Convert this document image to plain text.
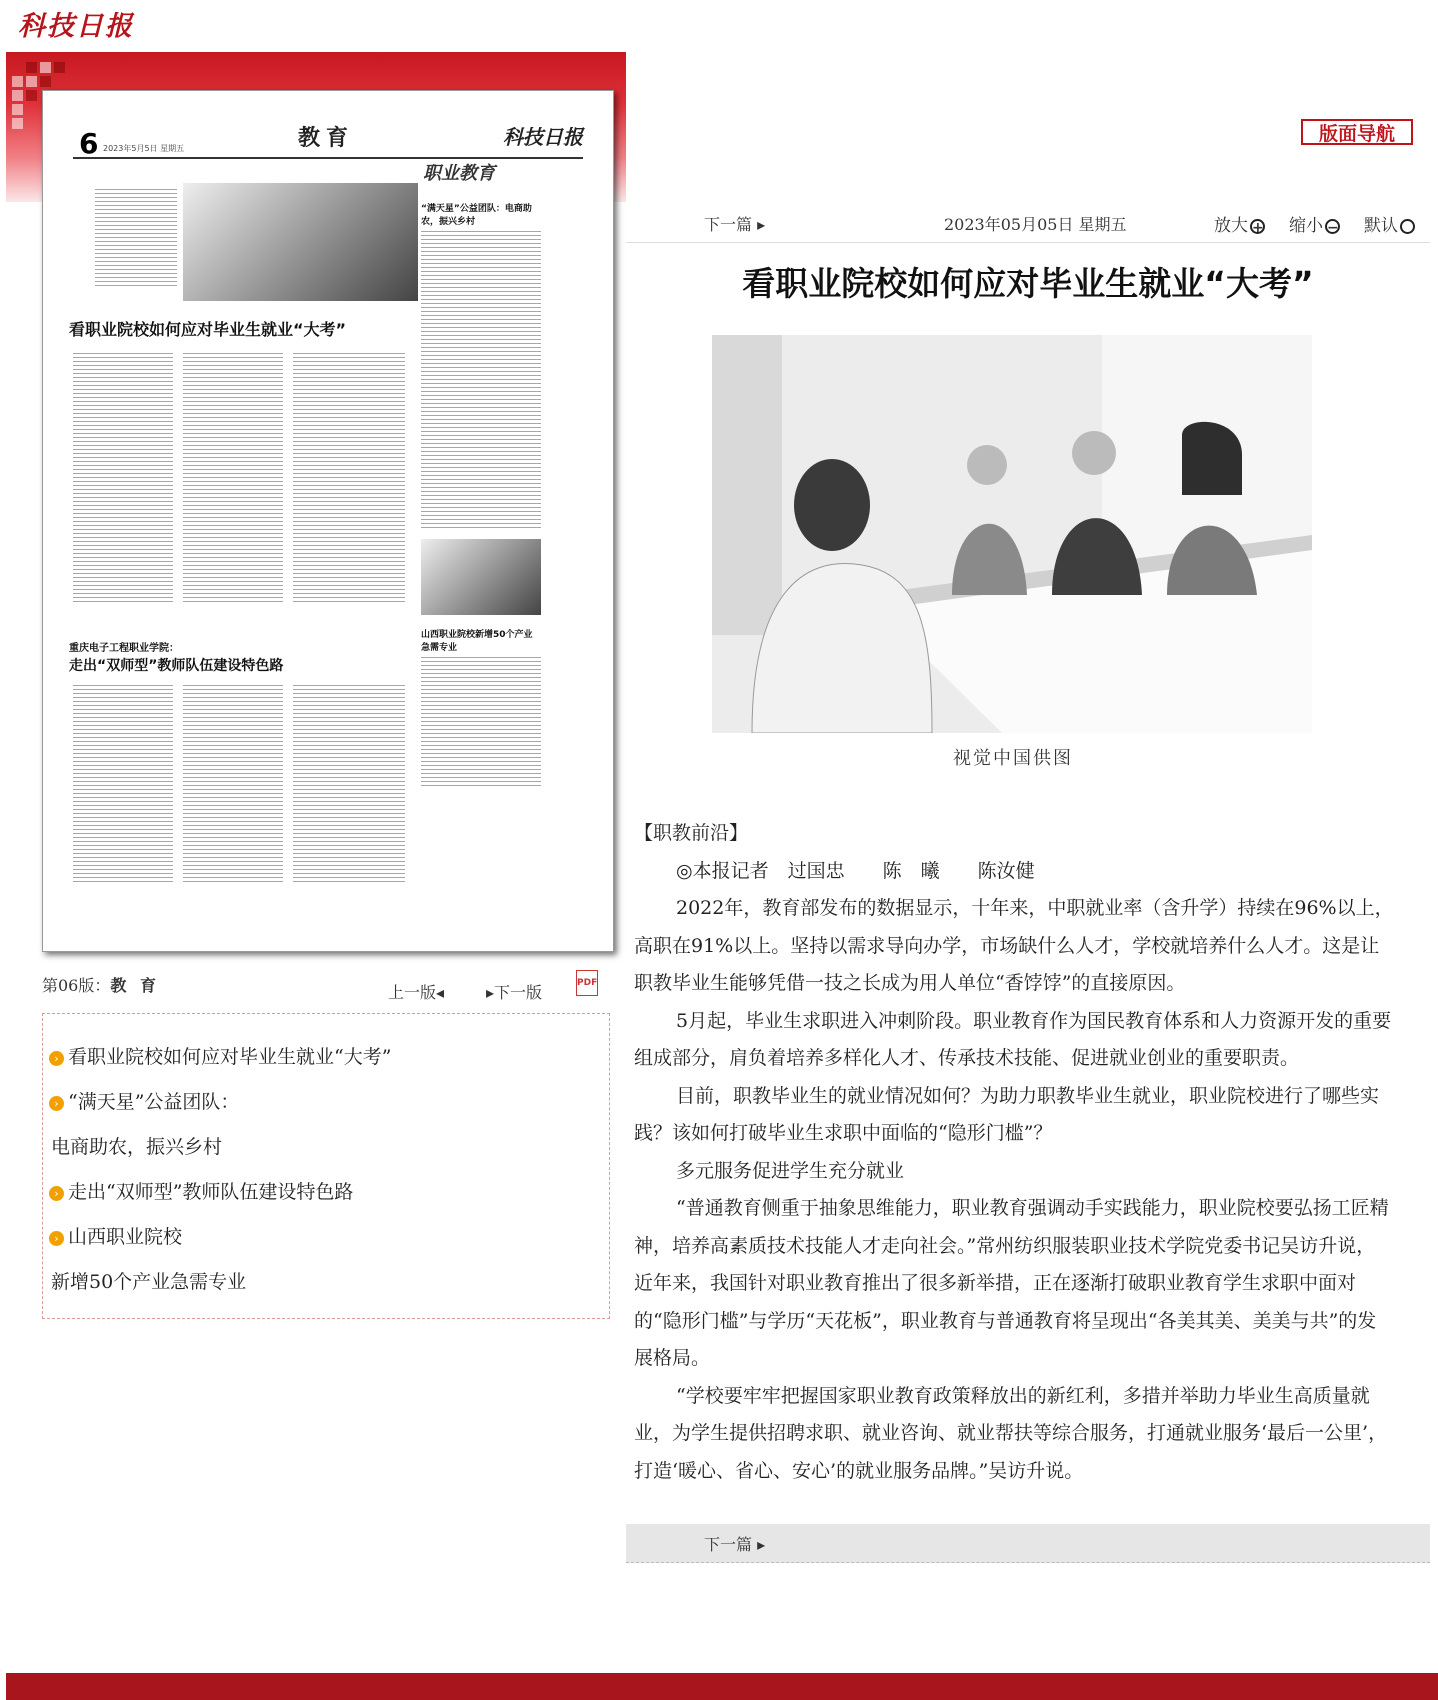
科技日报
6 2023年5月5日 星期五	教育	科技日报
职业教育
“满天星”公益团队：电商助农，振兴乡村
看职业院校如何应对毕业生就业“大考”
山西职业院校新增50个产业急需专业
重庆电子工程职业学院：
走出“双师型”教师队伍建设特色路
第06版：教 育	上一版◂	▸下一版	PDF
› 看职业院校如何应对毕业生就业“大考”
› “满天星”公益团队：
电商助农，振兴乡村
› 走出“双师型”教师队伍建设特色路
› 山西职业院校
新增50个产业急需专业
版面导航
下一篇 ▸	2023年05月05日 星期五	放大 + 缩小 − 默认
看职业院校如何应对毕业生就业“大考”
视觉中国供图

【职教前沿】

◎本报记者　过国忠　　陈　曦　　陈汝健

2022年，教育部发布的数据显示，十年来，中职就业率（含升学）持续在96%以上，高职在91%以上。坚持以需求导向办学，市场缺什么人才，学校就培养什么人才。这是让职教毕业生能够凭借一技之长成为用人单位“香饽饽”的直接原因。

5月起，毕业生求职进入冲刺阶段。职业教育作为国民教育体系和人力资源开发的重要组成部分，肩负着培养多样化人才、传承技术技能、促进就业创业的重要职责。

目前，职教毕业生的就业情况如何？为助力职教毕业生就业，职业院校进行了哪些实践？该如何打破毕业生求职中面临的“隐形门槛”？

多元服务促进学生充分就业

“普通教育侧重于抽象思维能力，职业教育强调动手实践能力，职业院校要弘扬工匠精神，培养高素质技术技能人才走向社会。”常州纺织服装职业技术学院党委书记吴访升说，近年来，我国针对职业教育推出了很多新举措，正在逐渐打破职业教育学生求职中面对的“隐形门槛”与学历“天花板”，职业教育与普通教育将呈现出“各美其美、美美与共”的发展格局。

“学校要牢牢把握国家职业教育政策释放出的新红利，多措并举助力毕业生高质量就业，为学生提供招聘求职、就业咨询、就业帮扶等综合服务，打通就业服务‘最后一公里’，打造‘暖心、省心、安心’的就业服务品牌。”吴访升说。

下一篇 ▸
